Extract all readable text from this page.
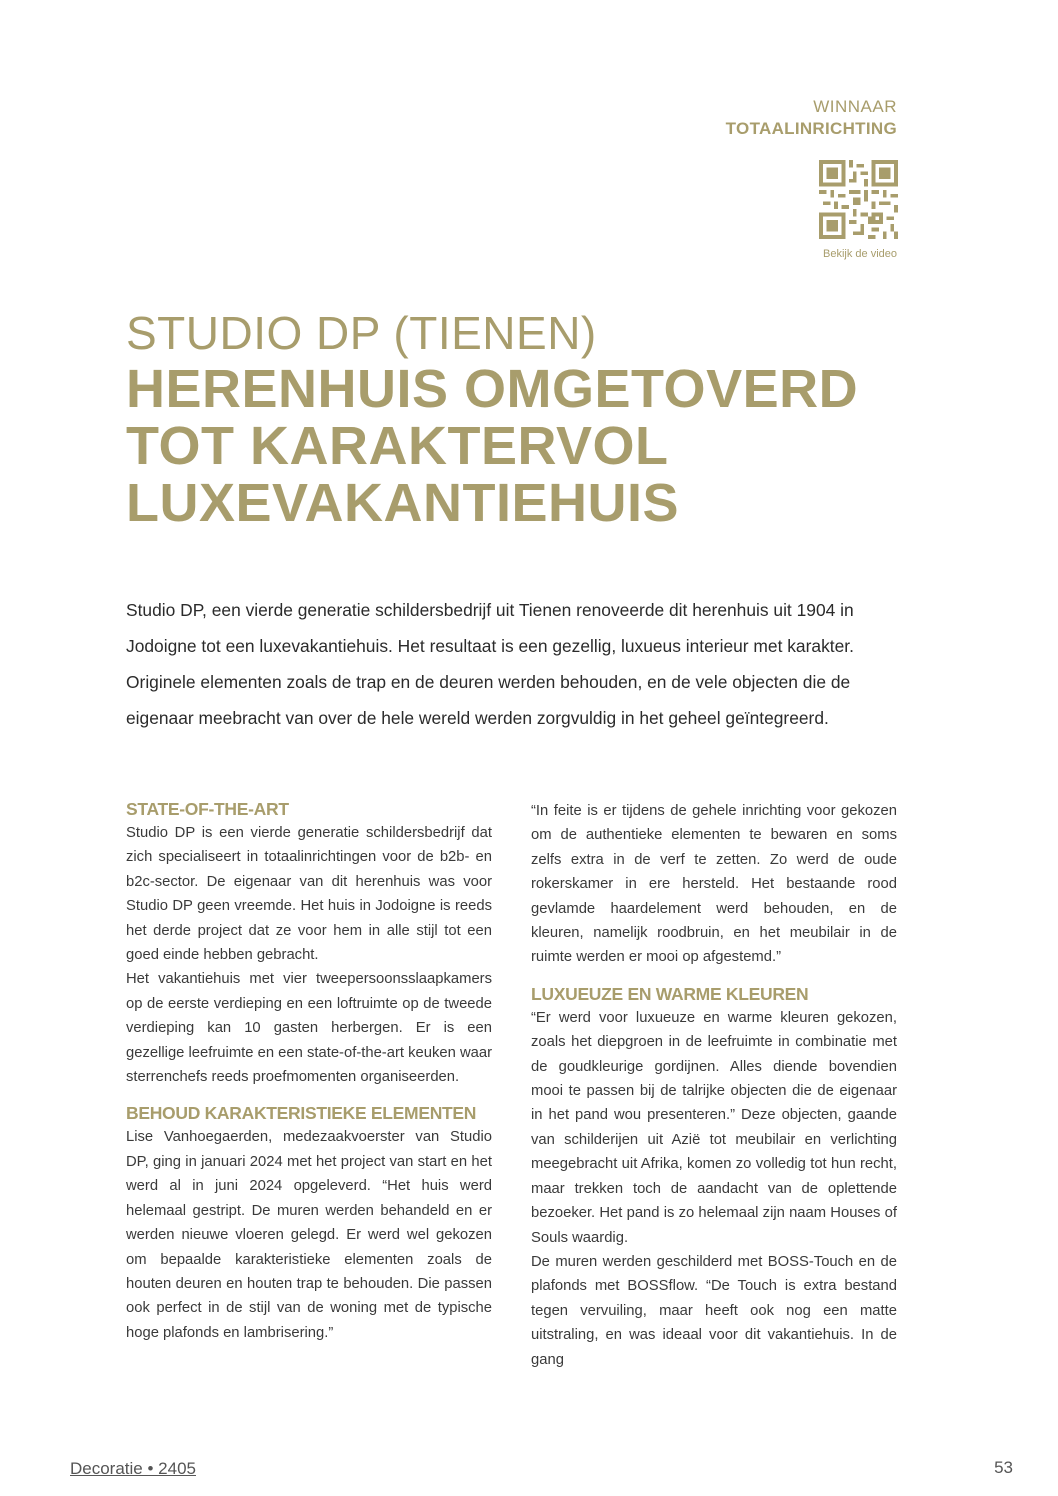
WINNAAR
TOTAALINRICHTING
Bekijk de video
STUDIO DP (TIENEN)
HERENHUIS OMGETOVERD
TOT KARAKTERVOL
LUXEVAKANTIEHUIS

Studio DP, een vierde generatie schildersbedrijf uit Tienen renoveerde dit herenhuis uit 1904 in Jodoigne tot een luxevakantiehuis. Het resultaat is een gezellig, luxueus interieur met karakter. Originele elementen zoals de trap en de deuren werden behouden, en de vele objecten die de eigenaar meebracht van over de hele wereld werden zorgvuldig in het geheel geïntegreerd.

STATE-OF-THE-ART

Studio DP is een vierde generatie schildersbedrijf dat zich specialiseert in totaalinrichtingen voor de b2b- en b2c-sector. De eigenaar van dit herenhuis was voor Studio DP geen vreemde. Het huis in Jodoigne is reeds het derde project dat ze voor hem in alle stijl tot een goed einde hebben gebracht.

Het vakantiehuis met vier tweepersoonsslaapkamers op de eerste verdieping en een loftruimte op de tweede verdieping kan 10 gasten herbergen. Er is een gezellige leefruimte en een state-of-the-art keuken waar sterrenchefs reeds proefmomenten organiseerden.

BEHOUD KARAKTERISTIEKE ELEMENTEN

Lise Vanhoegaerden, medezaakvoerster van Studio DP, ging in januari 2024 met het project van start en het werd al in juni 2024 opgeleverd. “Het huis werd helemaal gestript. De muren werden behandeld en er werden nieuwe vloeren gelegd. Er werd wel gekozen om bepaalde karakteristieke elementen zoals de houten deuren en houten trap te behouden. Die passen ook perfect in de stijl van de woning met de typische hoge plafonds en lambrisering.”

“In feite is er tijdens de gehele inrichting voor gekozen om de authentieke elementen te bewaren en soms zelfs extra in de verf te zetten. Zo werd de oude rokerskamer in ere hersteld. Het bestaande rood gevlamde haardelement werd behouden, en de kleuren, namelijk roodbruin, en het meubilair in de ruimte werden er mooi op afgestemd.”

LUXUEUZE EN WARME KLEUREN

“Er werd voor luxueuze en warme kleuren gekozen, zoals het diepgroen in de leefruimte in combinatie met de goudkleurige gordijnen. Alles diende bovendien mooi te passen bij de talrijke objecten die de eigenaar in het pand wou presenteren.” Deze objecten, gaande van schilderijen uit Azië tot meubilair en verlichting meegebracht uit Afrika, komen zo volledig tot hun recht, maar trekken toch de aandacht van de oplettende bezoeker. Het pand is zo helemaal zijn naam Houses of Souls waardig.

De muren werden geschilderd met BOSS-Touch en de plafonds met BOSSflow. “De Touch is extra bestand tegen vervuiling, maar heeft ook nog een matte uitstraling, en was ideaal voor dit vakantiehuis. In de gang

Decoratie • 2405	53
